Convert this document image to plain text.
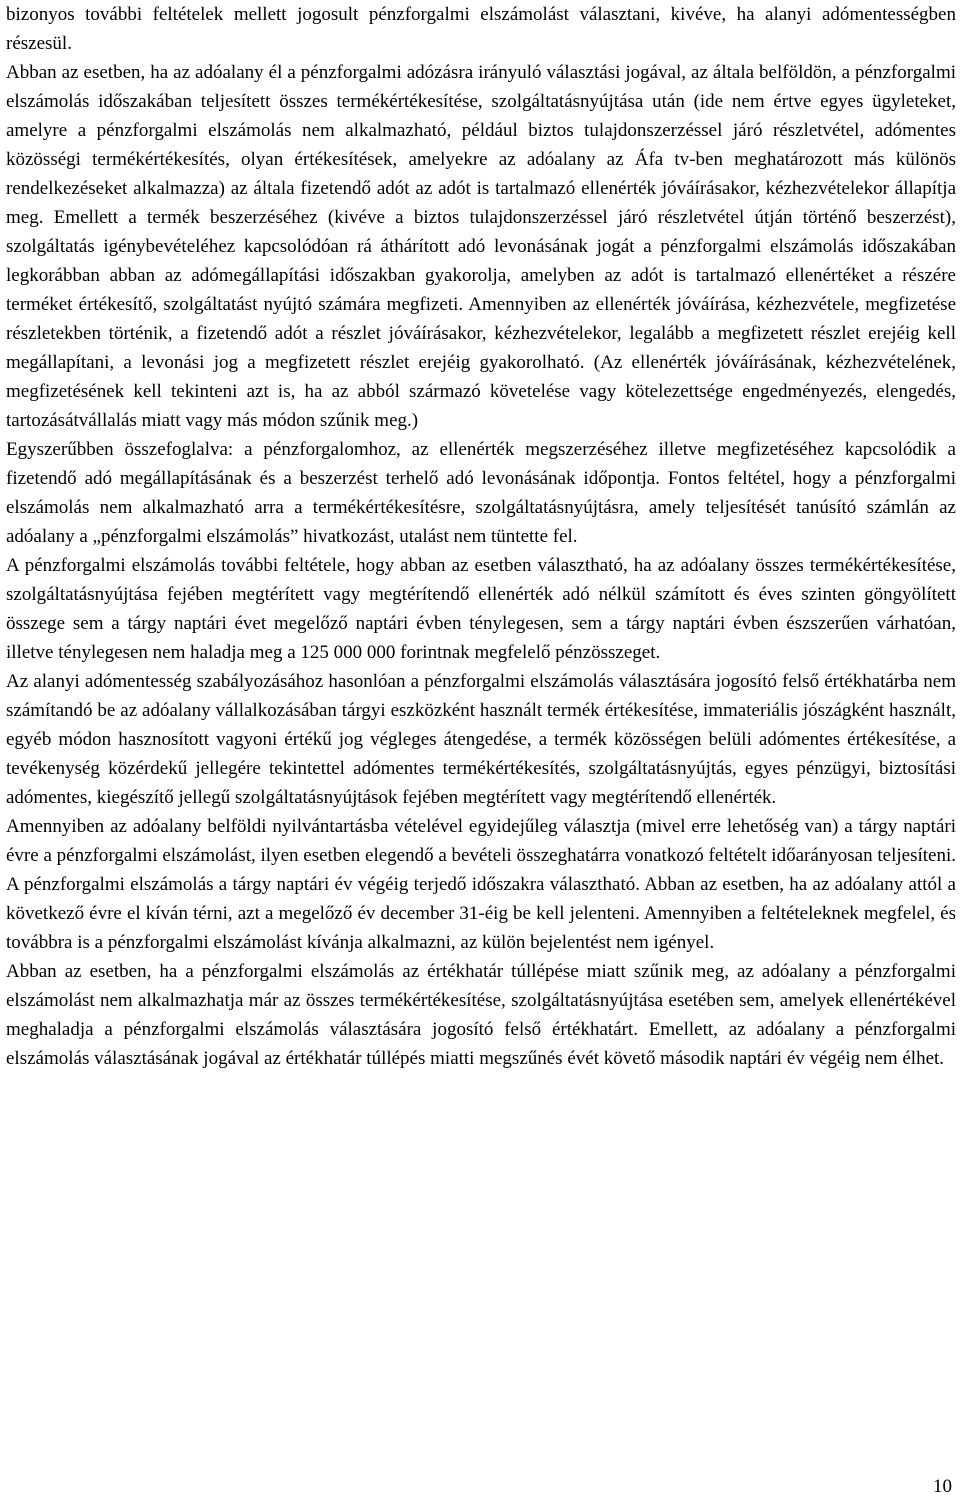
bizonyos további feltételek mellett jogosult pénzforgalmi elszámolást választani, kivéve, ha alanyi adómentességben részesül.

Abban az esetben, ha az adóalany él a pénzforgalmi adózásra irányuló választási jogával, az általa belföldön, a pénzforgalmi elszámolás időszakában teljesített összes termékértékesítése, szolgáltatásnyújtása után (ide nem értve egyes ügyleteket, amelyre a pénzforgalmi elszámolás nem alkalmazható, például biztos tulajdonszerzéssel járó részletvétel, adómentes közösségi termékértékesítés, olyan értékesítések, amelyekre az adóalany az Áfa tv-ben meghatározott más különös rendelkezéseket alkalmazza) az általa fizetendő adót az adót is tartalmazó ellenérték jóváírásakor, kézhezvételekor állapítja meg. Emellett a termék beszerzéséhez (kivéve a biztos tulajdonszerzéssel járó részletvétel útján történő beszerzést), szolgáltatás igénybevételéhez kapcsolódóan rá áthárított adó levonásának jogát a pénzforgalmi elszámolás időszakában legkorábban abban az adómegállapítási időszakban gyakorolja, amelyben az adót is tartalmazó ellenértéket a részére terméket értékesítő, szolgáltatást nyújtó számára megfizeti. Amennyiben az ellenérték jóváírása, kézhezvétele, megfizetése részletekben történik, a fizetendő adót a részlet jóváírásakor, kézhezvételekor, legalább a megfizetett részlet erejéig kell megállapítani, a levonási jog a megfizetett részlet erejéig gyakorolható. (Az ellenérték jóváírásának, kézhezvételének, megfizetésének kell tekinteni azt is, ha az abból származó követelése vagy kötelezettsége engedményezés, elengedés, tartozásátvállalás miatt vagy más módon szűnik meg.)

Egyszerűbben összefoglalva: a pénzforgalomhoz, az ellenérték megszerzéséhez illetve megfizetéséhez kapcsolódik a fizetendő adó megállapításának és a beszerzést terhelő adó levonásának időpontja. Fontos feltétel, hogy a pénzforgalmi elszámolás nem alkalmazható arra a termékértékesítésre, szolgáltatásnyújtásra, amely teljesítését tanúsító számlán az adóalany a „pénzforgalmi elszámolás” hivatkozást, utalást nem tüntette fel.

A pénzforgalmi elszámolás további feltétele, hogy abban az esetben választható, ha az adóalany összes termékértékesítése, szolgáltatásnyújtása fejében megtérített vagy megtérítendő ellenérték adó nélkül számított és éves szinten göngyölített összege sem a tárgy naptári évet megelőző naptári évben ténylegesen, sem a tárgy naptári évben észszerűen várhatóan, illetve ténylegesen nem haladja meg a 125 000 000 forintnak megfelelő pénzösszeget.

Az alanyi adómentesség szabályozásához hasonlóan a pénzforgalmi elszámolás választására jogosító felső értékhatárba nem számítandó be az adóalany vállalkozásában tárgyi eszközként használt termék értékesítése, immateriális jószágként használt, egyéb módon hasznosított vagyoni értékű jog végleges átengedése, a termék közösségen belüli adómentes értékesítése, a tevékenység közérdekű jellegére tekintettel adómentes termékértékesítés, szolgáltatásnyújtás, egyes pénzügyi, biztosítási adómentes, kiegészítő jellegű szolgáltatásnyújtások fejében megtérített vagy megtérítendő ellenérték.

Amennyiben az adóalany belföldi nyilvántartásba vételével egyidejűleg választja (mivel erre lehetőség van) a tárgy naptári évre a pénzforgalmi elszámolást, ilyen esetben elegendő a bevételi összeghatárra vonatkozó feltételt időarányosan teljesíteni. A pénzforgalmi elszámolás a tárgy naptári év végéig terjedő időszakra választható. Abban az esetben, ha az adóalany attól a következő évre el kíván térni, azt a megelőző év december 31-éig be kell jelenteni. Amennyiben a feltételeknek megfelel, és továbbra is a pénzforgalmi elszámolást kívánja alkalmazni, az külön bejelentést nem igényel.

Abban az esetben, ha a pénzforgalmi elszámolás az értékhatár túllépése miatt szűnik meg, az adóalany a pénzforgalmi elszámolást nem alkalmazhatja már az összes termékértékesítése, szolgáltatásnyújtása esetében sem, amelyek ellenértékével meghaladja a pénzforgalmi elszámolás választására jogosító felső értékhatárt. Emellett, az adóalany a pénzforgalmi elszámolás választásának jogával az értékhatár túllépés miatti megszűnés évét követő második naptári év végéig nem élhet.

10
